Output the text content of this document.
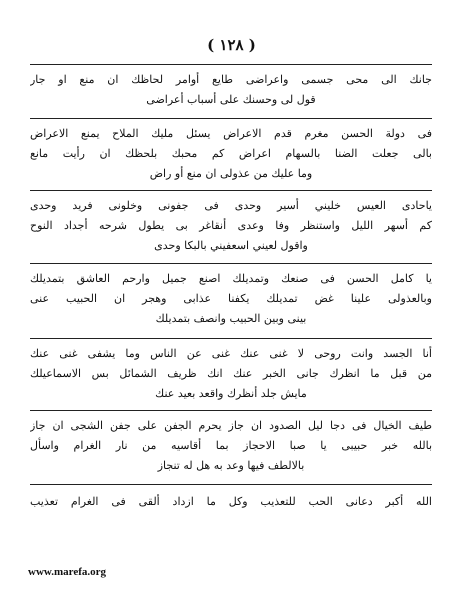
( ١٢٨ )
جانك الى محى جسمى واعراضى طايع أوامر لحاظك ان منع او جار
قول لى وحسنك على أسباب أعراضى
فى دولة الحسن مغرم قدم الاعراض يسئل مليك الملاح يمنع الاعراض
بالى جعلت الضنا بالسهام اعراض كم محبك بلحظك ان رأيت مانع
وما عليك من عذولى ان منع أو راض
ياحادى العيس خليني أسير وحدى فى جفونى وخلونى فريد وحدى
كم أسهر الليل واستنظر وفا وعدى أنقاغر بى يطول شرحه أجداد النوح
واقول لعيني اسعفيني بالبكا وحدى
يا كامل الحسن فى صنعك وتمديلك اصنع جميل وارحم العاشق بتمديلك
وبالعذولى علينا غض تمديلك يكفنا عذابى وهجر ان الحبيب عنى
بينى وبين الحبيب وانصف بتمديلك
أنا الجسد وانت روحى لا غنى عنك غنى عن الناس وما يشفى غنى عنك
من قبل ما انظرك جانى الخبر عنك انك ظريف الشمائل بس الاسماعيلك
مايش جلد أنظرك واقعد بعيد عنك
طيف الخيال فى دجا ليل الصدود ان جاز يحرم الجفن على جفن الشجى ان جاز
بالله خبر حبيبى يا صبا الاحجاز بما أقاسيه من نار الغرام واسأل
بالالطف فيها وعد به هل له تنجاز
الله أكبر دعانى الحب للتعذيب وكل ما ازداد ألقى فى الغرام تعذيب
www.marefa.org
